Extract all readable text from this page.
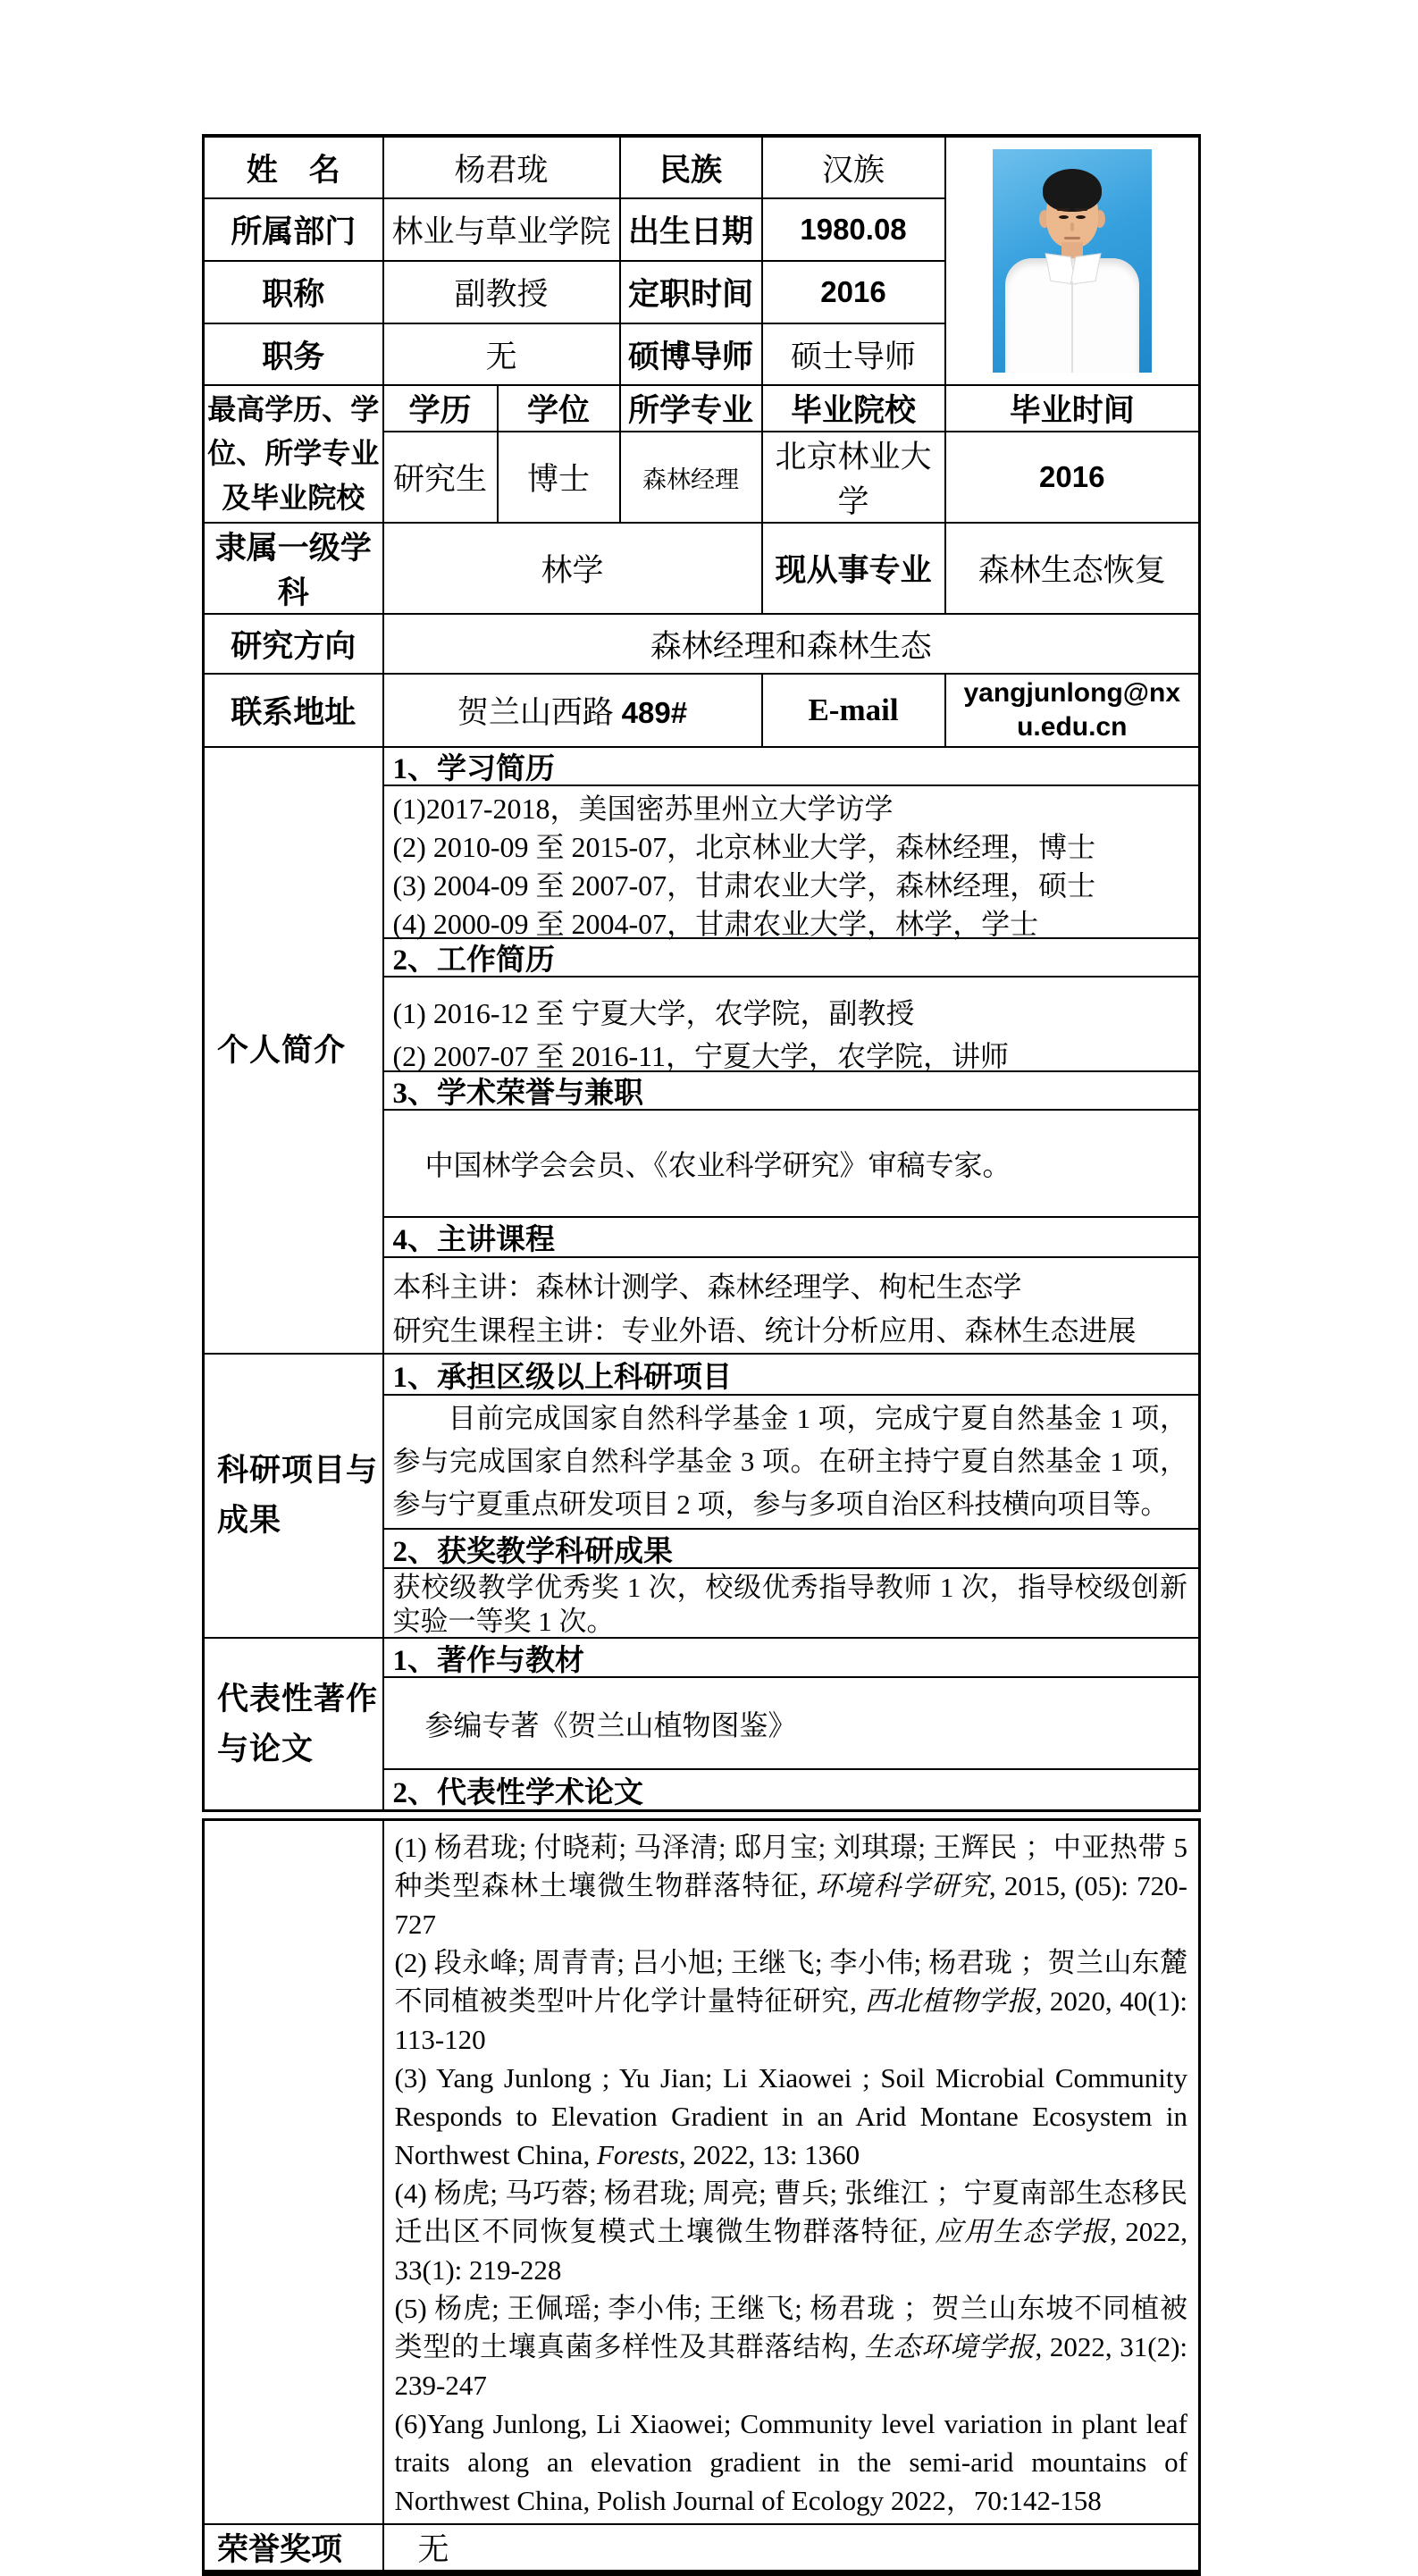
姓　名	杨君珑		民族	汉族	

所属部门	林业与草业学院		出生日期	1980.08	
职称	副教授		定职时间	2016	
职务	无		硕博导师	硕士导师	
最高学历、学位、所学专业及毕业院校	学历	学位	所学专业	毕业院校	毕业时间
	研究生	博士	森林经理	北京林业大学	2016
隶属一级学科	林学			现从事专业	森林生态恢复
研究方向	森林经理和森林生态				
联系地址	贺兰山西路 489#			E-mail	yangjunlong@nxu.edu.cn

个人简介	
1、学习简历
(1)2017-2018，美国密苏里州立大学访学
(2) 2010-09 至 2015-07，北京林业大学，森林经理，博士
(3) 2004-09 至 2007-07，甘肃农业大学，森林经理，硕士
(4) 2000-09 至 2004-07，甘肃农业大学，林学，学士
2、工作简历
(1) 2016-12 至 宁夏大学，农学院，副教授
(2) 2007-07 至 2016-11，宁夏大学，农学院，讲师
3、学术荣誉与兼职
中国林学会会员、《农业科学研究》审稿专家。
4、主讲课程
本科主讲：森林计测学、森林经理学、枸杞生态学
研究生课程主讲：专业外语、统计分析应用、森林生态进展

科研项目与成果	1、承担区级以上科研项目
目前完成国家自然科学基金 1 项，完成宁夏自然基金 1 项，参与完成国家自然科学基金 3 项。在研主持宁夏自然基金 1 项，参与宁夏重点研发项目 2 项，参与多项自治区科技横向项目等。
2、获奖教学科研成果
获校级教学优秀奖 1 次，校级优秀指导教师 1 次，指导校级创新实验一等奖 1 次。				

代表性著作与论文	1、著作与教材
参编专著《贺兰山植物图鉴》
2、代表性学术论文				

(1) 杨君珑; 付晓莉; 马泽清; 邸月宝; 刘琪璟; 王辉民 ；中亚热带 5 种类型森林土壤微生物群落特征, 环境科学研究, 2015, (05): 720-727
(2) 段永峰; 周青青; 吕小旭; 王继飞; 李小伟; 杨君珑 ；贺兰山东麓不同植被类型叶片化学计量特征研究, 西北植物学报, 2020, 40(1): 113-120
(3) Yang Junlong ; Yu Jian; Li Xiaowei ; Soil Microbial Community Responds to Elevation Gradient in an Arid Montane Ecosystem in Northwest China, Forests, 2022, 13: 1360
(4) 杨虎; 马巧蓉; 杨君珑; 周亮; 曹兵; 张维江 ；宁夏南部生态移民迁出区不同恢复模式土壤微生物群落特征, 应用生态学报, 2022, 33(1): 219-228
(5) 杨虎; 王佩瑶; 李小伟; 王继飞; 杨君珑 ；贺兰山东坡不同植被类型的土壤真菌多样性及其群落结构, 生态环境学报, 2022, 31(2): 239-247
(6)Yang Junlong, Li Xiaowei; Community level variation in plant leaf traits along an elevation gradient in the semi-arid mountains of Northwest China, Polish Journal of Ecology 2022，70:142-158

荣誉奖项	无
